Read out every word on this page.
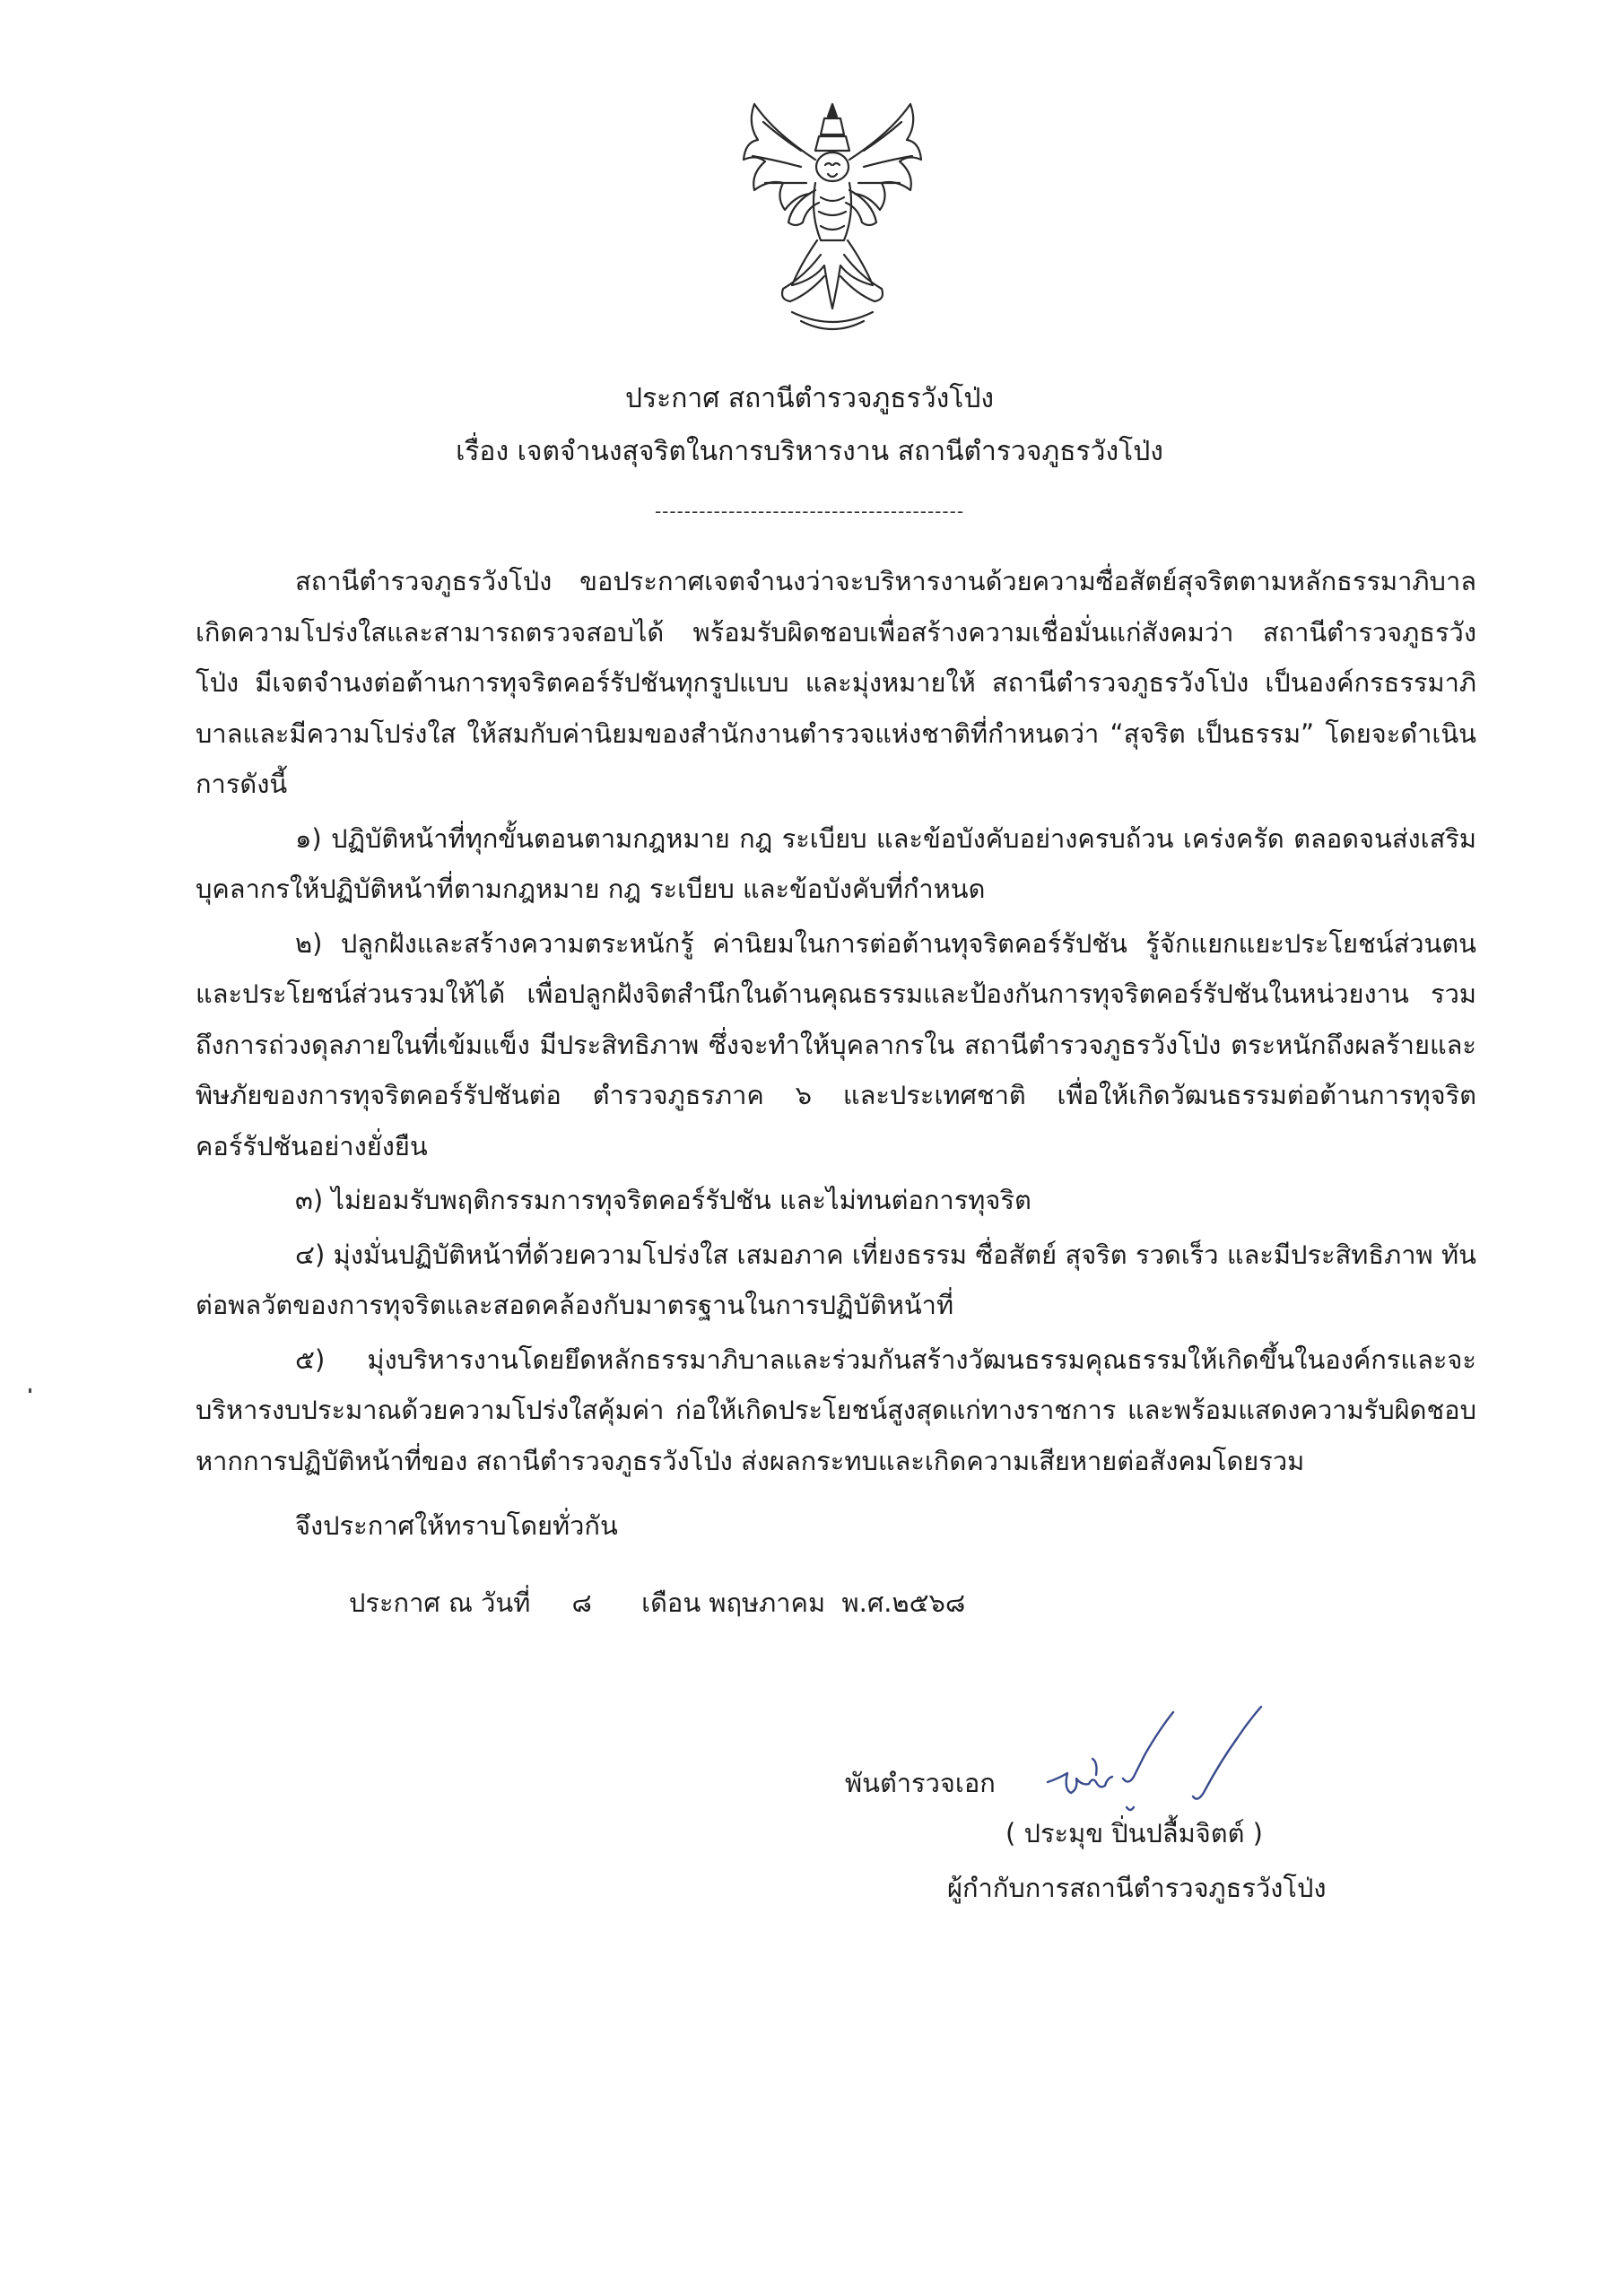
ประกาศ สถานีตำรวจภูธรวังโป่ง
เรื่อง เจตจำนงสุจริตในการบริหารงาน สถานีตำรวจภูธรวังโป่ง
------------------------------------------

สถานีตำรวจภูธรวังโป่ง ขอประกาศเจตจำนงว่าจะบริหารงานด้วยความซื่อสัตย์สุจริตตามหลักธรรมาภิบาล เกิดความโปร่งใสและสามารถตรวจสอบได้ พร้อมรับผิดชอบเพื่อสร้างความเชื่อมั่นแก่สังคมว่า สถานีตำรวจภูธรวังโป่ง มีเจตจำนงต่อต้านการทุจริตคอร์รัปชันทุกรูปแบบ และมุ่งหมายให้ สถานีตำรวจภูธรวังโป่ง เป็นองค์กรธรรมาภิบาลและมีความโปร่งใส ให้สมกับค่านิยมของสำนักงานตำรวจแห่งชาติที่กำหนดว่า “สุจริต เป็นธรรม” โดยจะดำเนินการดังนี้

๑) ปฏิบัติหน้าที่ทุกขั้นตอนตามกฎหมาย กฎ ระเบียบ และข้อบังคับอย่างครบถ้วน เคร่งครัด ตลอดจนส่งเสริมบุคลากรให้ปฏิบัติหน้าที่ตามกฎหมาย กฎ ระเบียบ และข้อบังคับที่กำหนด

๒) ปลูกฝังและสร้างความตระหนักรู้ ค่านิยมในการต่อต้านทุจริตคอร์รัปชัน รู้จักแยกแยะประโยชน์ส่วนตนและประโยชน์ส่วนรวมให้ได้ เพื่อปลูกฝังจิตสำนึกในด้านคุณธรรมและป้องกันการทุจริตคอร์รัปชันในหน่วยงาน รวมถึงการถ่วงดุลภายในที่เข้มแข็ง มีประสิทธิภาพ ซึ่งจะทำให้บุคลากรใน สถานีตำรวจภูธรวังโป่ง ตระหนักถึงผลร้ายและพิษภัยของการทุจริตคอร์รัปชันต่อ ตำรวจภูธรภาค ๖ และประเทศชาติ เพื่อให้เกิดวัฒนธรรมต่อต้านการทุจริตคอร์รัปชันอย่างยั่งยืน

๓) ไม่ยอมรับพฤติกรรมการทุจริตคอร์รัปชัน และไม่ทนต่อการทุจริต

๔) มุ่งมั่นปฏิบัติหน้าที่ด้วยความโปร่งใส เสมอภาค เที่ยงธรรม ซื่อสัตย์ สุจริต รวดเร็ว และมีประสิทธิภาพ ทันต่อพลวัตของการทุจริตและสอดคล้องกับมาตรฐานในการปฏิบัติหน้าที่

๕) มุ่งบริหารงานโดยยึดหลักธรรมาภิบาลและร่วมกันสร้างวัฒนธรรมคุณธรรมให้เกิดขึ้นในองค์กรและจะบริหารงบประมาณด้วยความโปร่งใสคุ้มค่า ก่อให้เกิดประโยชน์สูงสุดแก่ทางราชการ และพร้อมแสดงความรับผิดชอบ หากการปฏิบัติหน้าที่ของ สถานีตำรวจภูธรวังโป่ง ส่งผลกระทบและเกิดความเสียหายต่อสังคมโดยรวม

จึงประกาศให้ทราบโดยทั่วกัน
ประกาศ ณ วันที่     ๘      เดือน พฤษภาคม  พ.ศ.๒๕๖๘
พันตำรวจเอก
( ประมุข ปิ่นปลื้มจิตต์ )
ผู้กำกับการสถานีตำรวจภูธรวังโป่ง
